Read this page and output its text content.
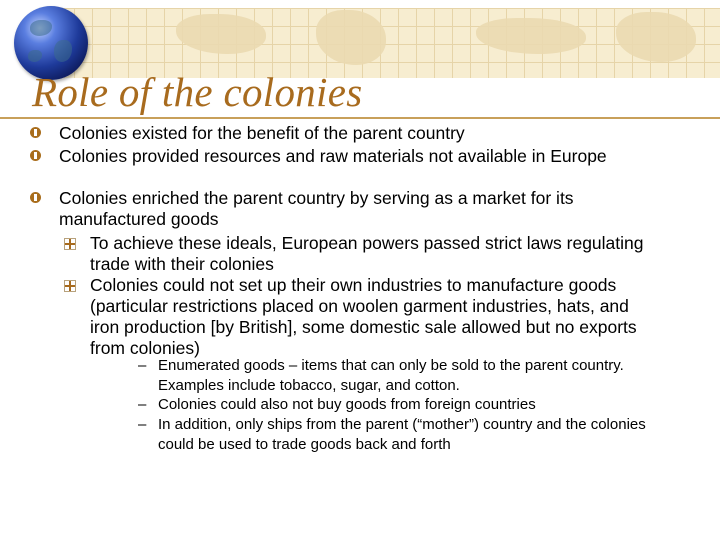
Role of the colonies
Colonies existed for the benefit of the parent country
Colonies provided resources and raw materials not available in Europe
Colonies enriched the parent country by serving as a market for its manufactured goods
To achieve these ideals, European powers passed strict laws regulating trade with their colonies
Colonies could not set up their own industries to manufacture goods (particular restrictions placed on woolen garment industries, hats, and iron production [by British], some domestic sale allowed but no exports from colonies)
– Enumerated goods – items that can only be sold to the parent country. Examples include tobacco, sugar, and cotton.
– Colonies could also not buy goods from foreign countries
– In addition, only ships from the parent (“mother”) country and the colonies could be used to trade goods back and forth
